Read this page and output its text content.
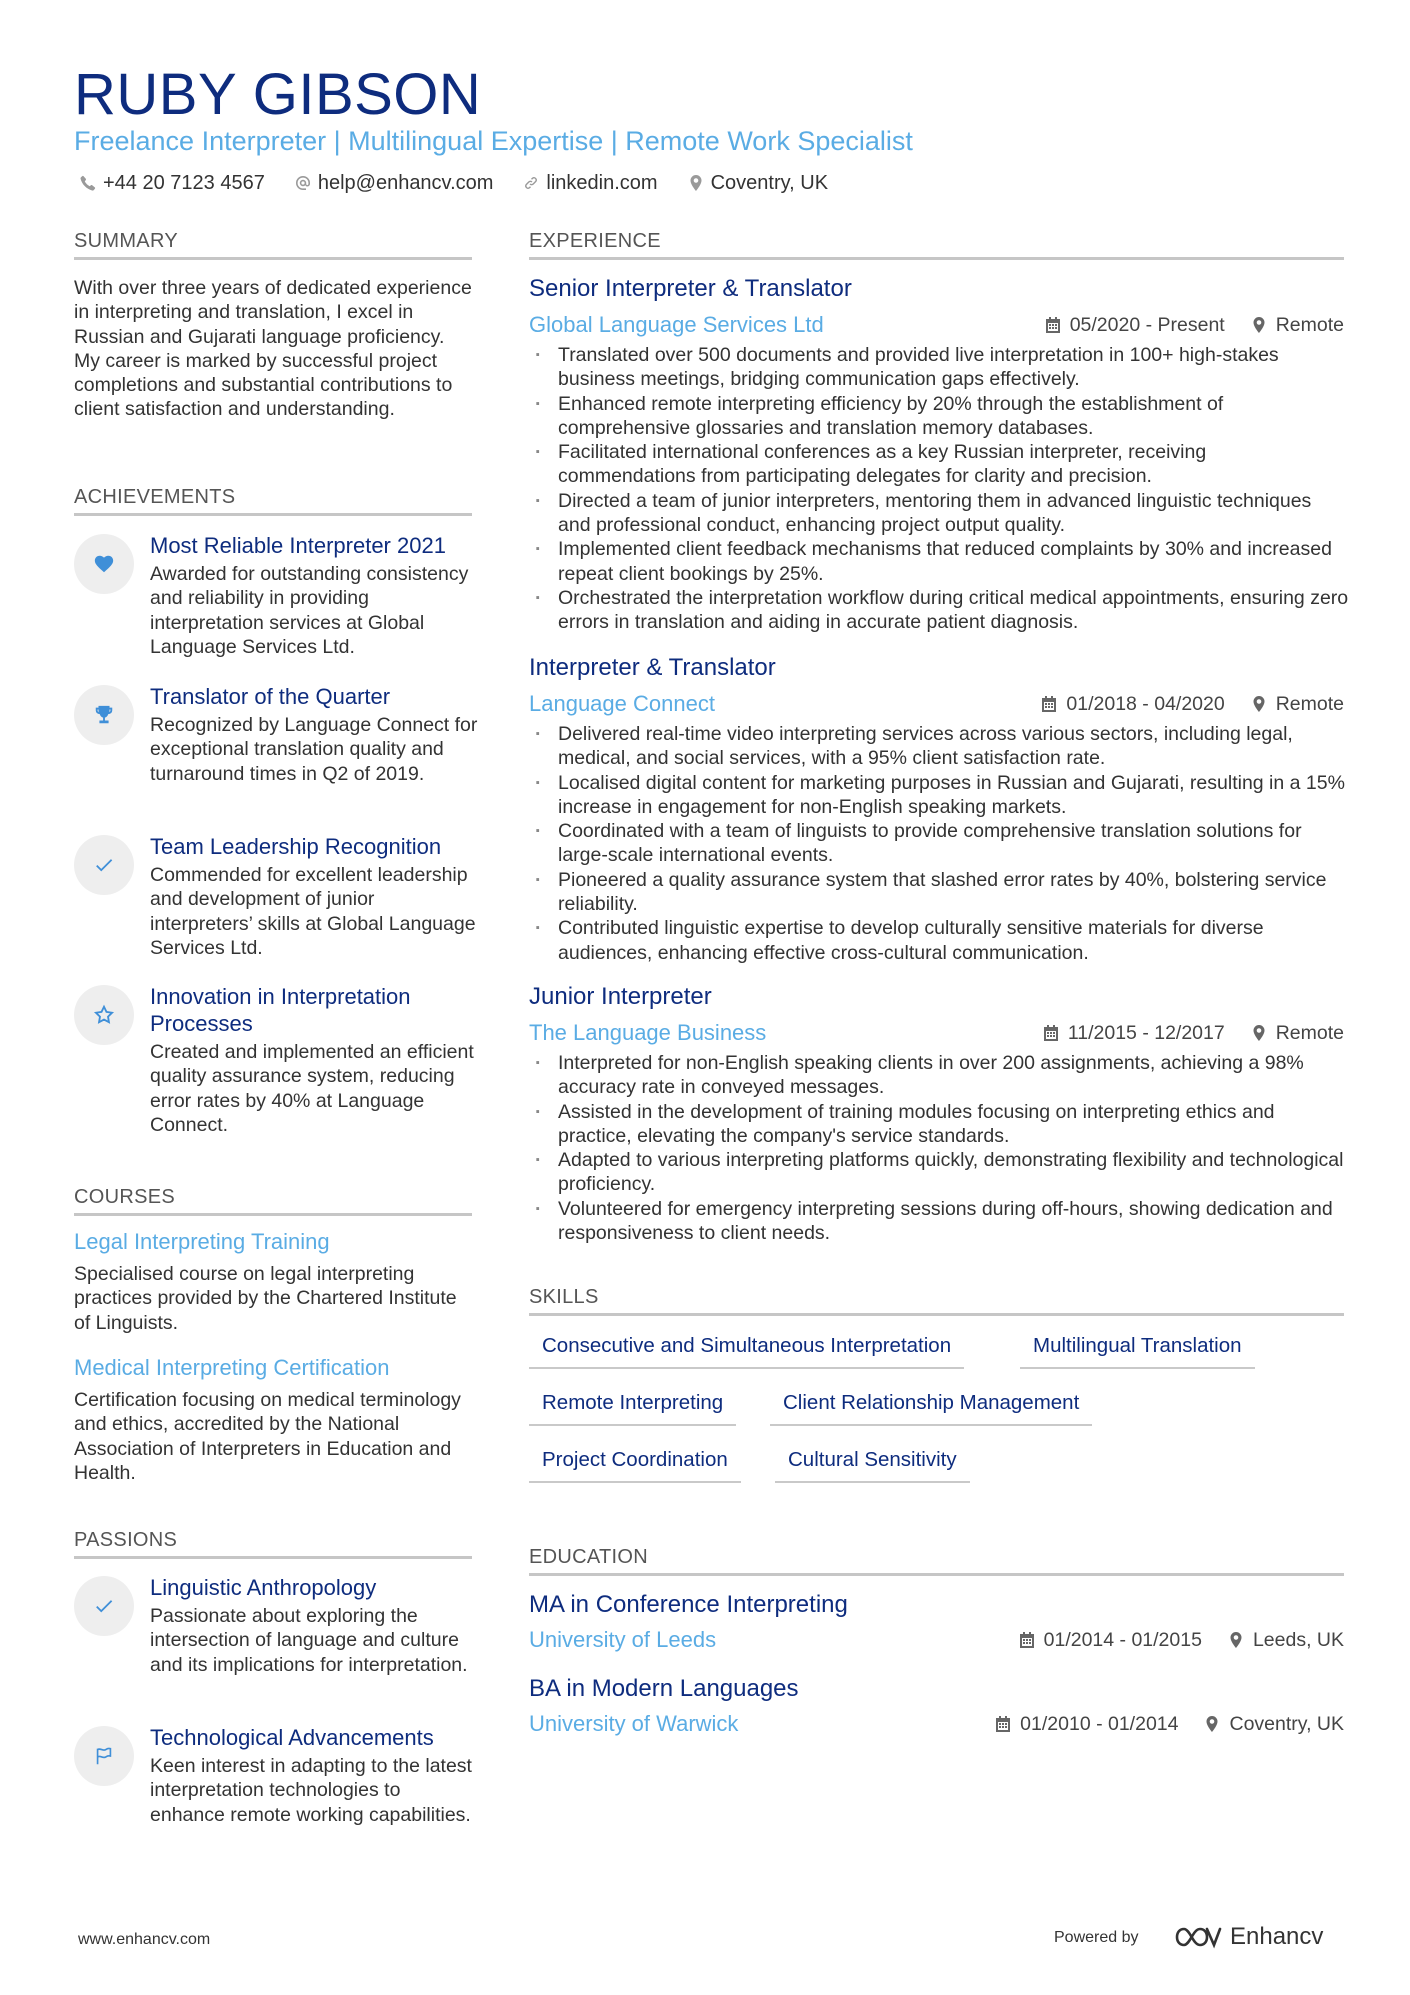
RUBY GIBSON
Freelance Interpreter | Multilingual Expertise | Remote Work Specialist
+44 20 7123 4567	help@enhancv.com	linkedin.com	Coventry, UK
SUMMARY
With over three years of dedicated experience in interpreting and translation, I excel in Russian and Gujarati language proficiency. My career is marked by successful project completions and substantial contributions to client satisfaction and understanding.
ACHIEVEMENTS
Most Reliable Interpreter 2021
Awarded for outstanding consistency and reliability in providing interpretation services at Global Language Services Ltd.
Translator of the Quarter
Recognized by Language Connect for exceptional translation quality and turnaround times in Q2 of 2019.
Team Leadership Recognition
Commended for excellent leadership and development of junior interpreters’ skills at Global Language Services Ltd.
Innovation in Interpretation Processes
Created and implemented an efficient quality assurance system, reducing error rates by 40% at Language Connect.
COURSES
Legal Interpreting Training
Specialised course on legal interpreting practices provided by the Chartered Institute of Linguists.
Medical Interpreting Certification
Certification focusing on medical terminology and ethics, accredited by the National Association of Interpreters in Education and Health.
PASSIONS
Linguistic Anthropology
Passionate about exploring the intersection of language and culture and its implications for interpretation.
Technological Advancements
Keen interest in adapting to the latest interpretation technologies to enhance remote working capabilities.
EXPERIENCE
Senior Interpreter & Translator
Global Language Services Ltd	05/2020 - Present	Remote
· Translated over 500 documents and provided live interpretation in 100+ high-stakes business meetings, bridging communication gaps effectively.
· Enhanced remote interpreting efficiency by 20% through the establishment of comprehensive glossaries and translation memory databases.
· Facilitated international conferences as a key Russian interpreter, receiving commendations from participating delegates for clarity and precision.
· Directed a team of junior interpreters, mentoring them in advanced linguistic techniques and professional conduct, enhancing project output quality.
· Implemented client feedback mechanisms that reduced complaints by 30% and increased repeat client bookings by 25%.
· Orchestrated the interpretation workflow during critical medical appointments, ensuring zero errors in translation and aiding in accurate patient diagnosis.
Interpreter & Translator
Language Connect	01/2018 - 04/2020	Remote
· Delivered real-time video interpreting services across various sectors, including legal, medical, and social services, with a 95% client satisfaction rate.
· Localised digital content for marketing purposes in Russian and Gujarati, resulting in a 15% increase in engagement for non-English speaking markets.
· Coordinated with a team of linguists to provide comprehensive translation solutions for large-scale international events.
· Pioneered a quality assurance system that slashed error rates by 40%, bolstering service reliability.
· Contributed linguistic expertise to develop culturally sensitive materials for diverse audiences, enhancing effective cross-cultural communication.
Junior Interpreter
The Language Business	11/2015 - 12/2017	Remote
· Interpreted for non-English speaking clients in over 200 assignments, achieving a 98% accuracy rate in conveyed messages.
· Assisted in the development of training modules focusing on interpreting ethics and practice, elevating the company's service standards.
· Adapted to various interpreting platforms quickly, demonstrating flexibility and technological proficiency.
· Volunteered for emergency interpreting sessions during off-hours, showing dedication and responsiveness to client needs.
SKILLS
Consecutive and Simultaneous Interpretation	Multilingual Translation
Remote Interpreting	Client Relationship Management
Project Coordination	Cultural Sensitivity
EDUCATION
MA in Conference Interpreting
University of Leeds	01/2014 - 01/2015	Leeds, UK
BA in Modern Languages
University of Warwick	01/2010 - 01/2014	Coventry, UK
www.enhancv.com	Powered by	Enhancv
